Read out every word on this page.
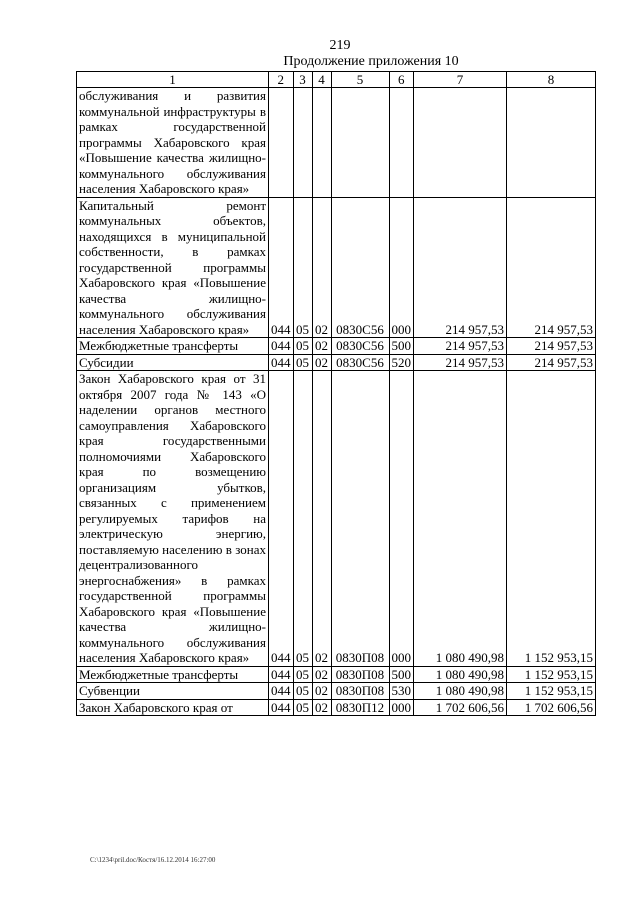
219
Продолжение приложения 10
1	2	3	4	5	6	7	8
обслуживания и развития коммунальной инфраструктуры в рамках государственной программы Хабаровского края «Повышение качества жилищно-коммунального обслуживания населения Хабаровского края»							
Капитальный ремонт коммунальных объектов, находящихся в муниципальной собственности, в рамках государственной программы Хабаровского края «Повышение качества жилищно-коммунального обслуживания населения Хабаровского края»	044	05	02	0830С56	000	214 957,53	214 957,53
Межбюджетные трансферты	044	05	02	0830С56	500	214 957,53	214 957,53
Субсидии	044	05	02	0830С56	520	214 957,53	214 957,53
Закон Хабаровского края от 31 октября 2007 года № 143 «О наделении органов местного самоуправления Хабаровского края государственными полномочиями Хабаровского края по возмещению организациям убытков, связанных с применением регулируемых тарифов на электрическую энергию, поставляемую населению в зонах децентрализованного энергоснабжения» в рамках государственной программы Хабаровского края «Повышение качества жилищно-коммунального обслуживания населения Хабаровского края»	044	05	02	0830П08	000	1 080 490,98	1 152 953,15
Межбюджетные трансферты	044	05	02	0830П08	500	1 080 490,98	1 152 953,15
Субвенции	044	05	02	0830П08	530	1 080 490,98	1 152 953,15
Закон Хабаровского края от	044	05	02	0830П12	000	1 702 606,56	1 702 606,56
C:\1234\pril.doc/Костя/16.12.2014 16:27:00
